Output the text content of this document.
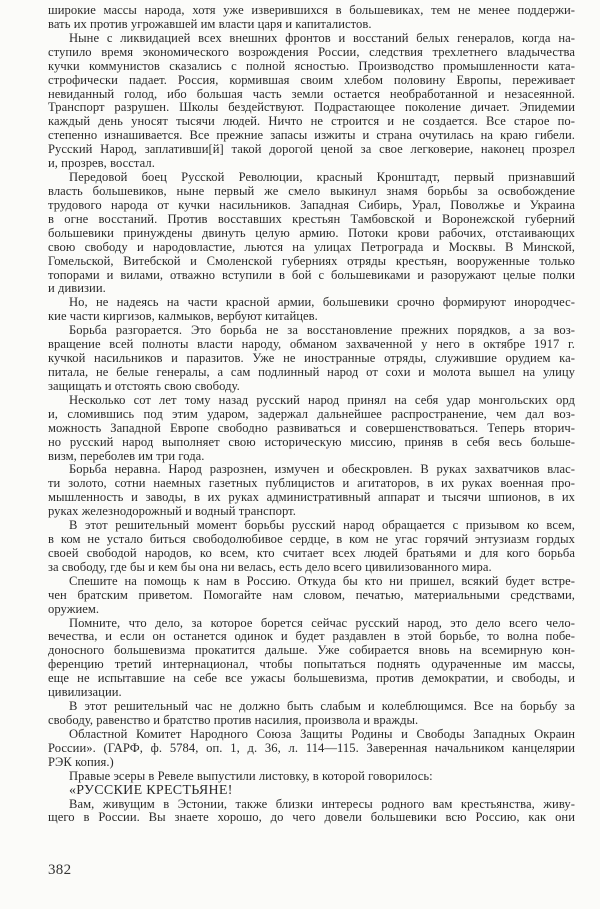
широкие массы народа, хотя уже изверившихся в большевиках, тем не менее поддержи-
вать их против угрожавшей им власти царя и капиталистов.
Ныне с ликвидацией всех внешних фронтов и восстаний белых генералов, когда на-
ступило время экономического возрождения России, следствия трехлетнего владычества
кучки коммунистов сказались с полной ясностью. Производство промышленности ката-
строфически падает. Россия, кормившая своим хлебом половину Европы, переживает
невиданный голод, ибо большая часть земли остается необработанной и незасеянной.
Транспорт разрушен. Школы бездействуют. Подрастающее поколение дичает. Эпидемии
каждый день уносят тысячи людей. Ничто не строится и не создается. Все старое по-
степенно изнашивается. Все прежние запасы изжиты и страна очутилась на краю гибели.
Русский Народ, заплативши[й] такой дорогой ценой за свое легковерие, наконец прозрел
и, прозрев, восстал.
Передовой боец Русской Революции, красный Кронштадт, первый признавший
власть большевиков, ныне первый же смело выкинул знамя борьбы за освобождение
трудового народа от кучки насильников. Западная Сибирь, Урал, Поволжье и Украина
в огне восстаний. Против восставших крестьян Тамбовской и Воронежской губерний
большевики принуждены двинуть целую армию. Потоки крови рабочих, отстаивающих
свою свободу и народовластие, льются на улицах Петрограда и Москвы. В Минской,
Гомельской, Витебской и Смоленской губерниях отряды крестьян, вооруженные только
топорами и вилами, отважно вступили в бой с большевиками и разоружают целые полки
и дивизии.
Но, не надеясь на части красной армии, большевики срочно формируют инородчес-
кие части киргизов, калмыков, вербуют китайцев.
Борьба разгорается. Это борьба не за восстановление прежних порядков, а за воз-
вращение всей полноты власти народу, обманом захваченной у него в октябре 1917 г.
кучкой насильников и паразитов. Уже не иностранные отряды, служившие орудием ка-
питала, не белые генералы, а сам подлинный народ от сохи и молота вышел на улицу
защищать и отстоять свою свободу.
Несколько сот лет тому назад русский народ принял на себя удар монгольских орд
и, сломившись под этим ударом, задержал дальнейшее распространение, чем дал воз-
можность Западной Европе свободно развиваться и совершенствоваться. Теперь вторич-
но русский народ выполняет свою историческую миссию, приняв в себя весь больше-
визм, переболев им три года.
Борьба неравна. Народ разрознен, измучен и обескровлен. В руках захватчиков влас-
ти золото, сотни наемных газетных публицистов и агитаторов, в их руках военная про-
мышленность и заводы, в их руках административный аппарат и тысячи шпионов, в их
руках железнодорожный и водный транспорт.
В этот решительный момент борьбы русский народ обращается с призывом ко всем,
в ком не устало биться свободолюбивое сердце, в ком не угас горячий энтузиазм гордых
своей свободой народов, ко всем, кто считает всех людей братьями и для кого борьба
за свободу, где бы и кем бы она ни велась, есть дело всего цивилизованного мира.
Спешите на помощь к нам в Россию. Откуда бы кто ни пришел, всякий будет встре-
чен братским приветом. Помогайте нам словом, печатью, материальными средствами,
оружием.
Помните, что дело, за которое борется сейчас русский народ, это дело всего чело-
вечества, и если он останется одинок и будет раздавлен в этой борьбе, то волна побе-
доносного большевизма прокатится дальше. Уже собирается вновь на всемирную кон-
ференцию третий интернационал, чтобы попытаться поднять одураченные им массы,
еще не испытавшие на себе все ужасы большевизма, против демократии, и свободы, и
цивилизации.
В этот решительный час не должно быть слабым и колеблющимся. Все на борьбу за
свободу, равенство и братство против насилия, произвола и вражды.
Областной Комитет Народного Союза Защиты Родины и Свободы Западных Окраин
России». (ГАРФ, ф. 5784, оп. 1, д. 36, л. 114—115. Заверенная начальником канцелярии
РЭК копия.)
Правые эсеры в Ревеле выпустили листовку, в которой говорилось:
«РУССКИЕ КРЕСТЬЯНЕ!
Вам, живущим в Эстонии, также близки интересы родного вам крестьянства, живу-
щего в России. Вы знаете хорошо, до чего довели большевики всю Россию, как они
382
